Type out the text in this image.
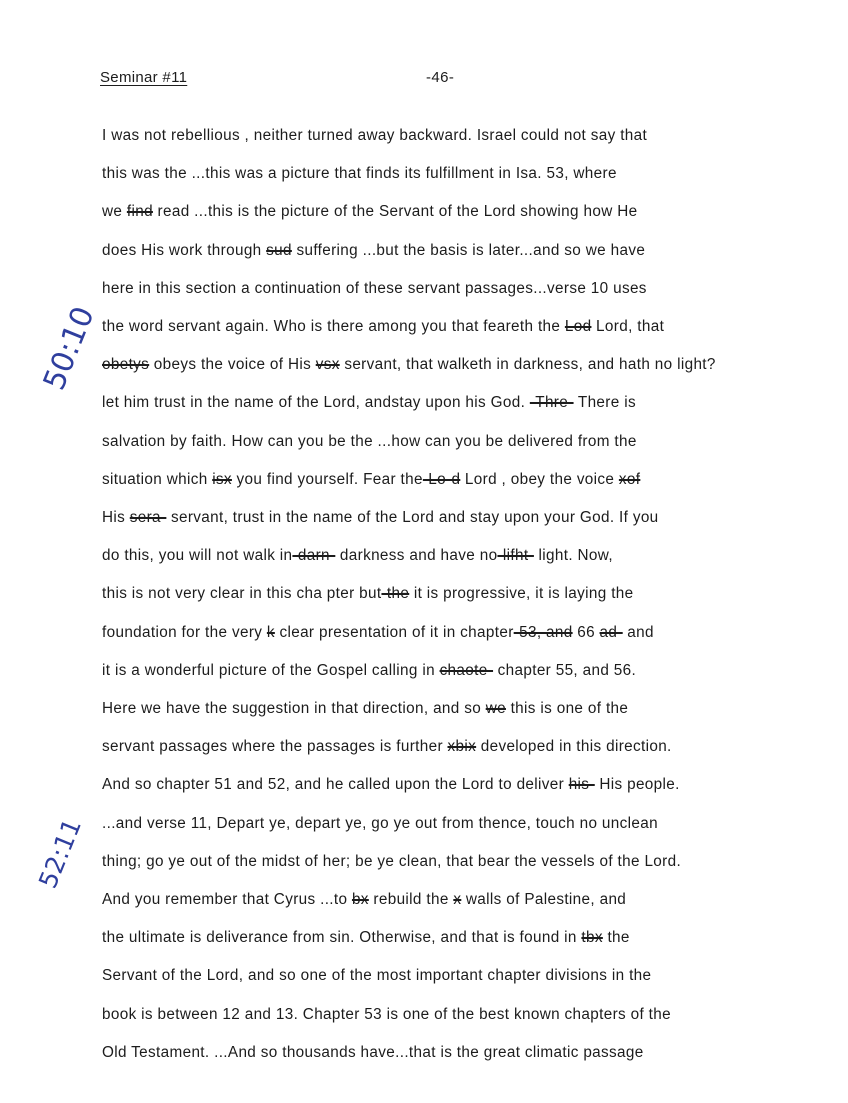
Seminar #11	-46-
I was not rebellious , neither turned away backward. Israel could not say that
this was the ...this was a picture that finds its fulfillment in Isa. 53, where
we find read ...this is the picture of the Servant of the Lord showing how He
does His work through sud suffering ...but the basis is later...and so we have
here in this section a continuation of these servant passages...verse 10 uses
the word servant again. Who is there among you that feareth the Lod Lord, that
obetys obeys the voice of His vsx servant, that walketh in darkness, and hath no light?
let him trust in the name of the Lord, andstay upon his God. -Thre- There is
salvation by faith. How can you be the ...how can you be delivered from the
situation which isx you find yourself. Fear the-Lo-d Lord , obey the voice xof
His sera- servant, trust in the name of the Lord and stay upon your God. If you
do this, you will not walk in-darn- darkness and have no-lifht- light. Now,
this is not very clear in this cha pter but-the it is progressive, it is laying the
foundation for the very k clear presentation of it in chapter-53, and 66 ad- and
it is a wonderful picture of the Gospel calling in chaote- chapter 55, and 56.
Here we have the suggestion in that direction, and so we this is one of the
servant passages where the passages is further xbix developed in this direction.
And so chapter 51 and 52, and he called upon the Lord to deliver his- His people.
...and verse 11, Depart ye, depart ye, go ye out from thence, touch no unclean
thing; go ye out of the midst of her; be ye clean, that bear the vessels of the Lord.
And you remember that Cyrus ...to bx rebuild the x walls of Palestine, and
the ultimate is deliverance from sin. Otherwise, and that is found in tbx the
Servant of the Lord, and so one of the most important chapter divisions in the
book is between 12 and 13. Chapter 53 is one of the best known chapters of the
Old Testament. ...And so thousands have...that is the great climatic passage
50:10
52:11
